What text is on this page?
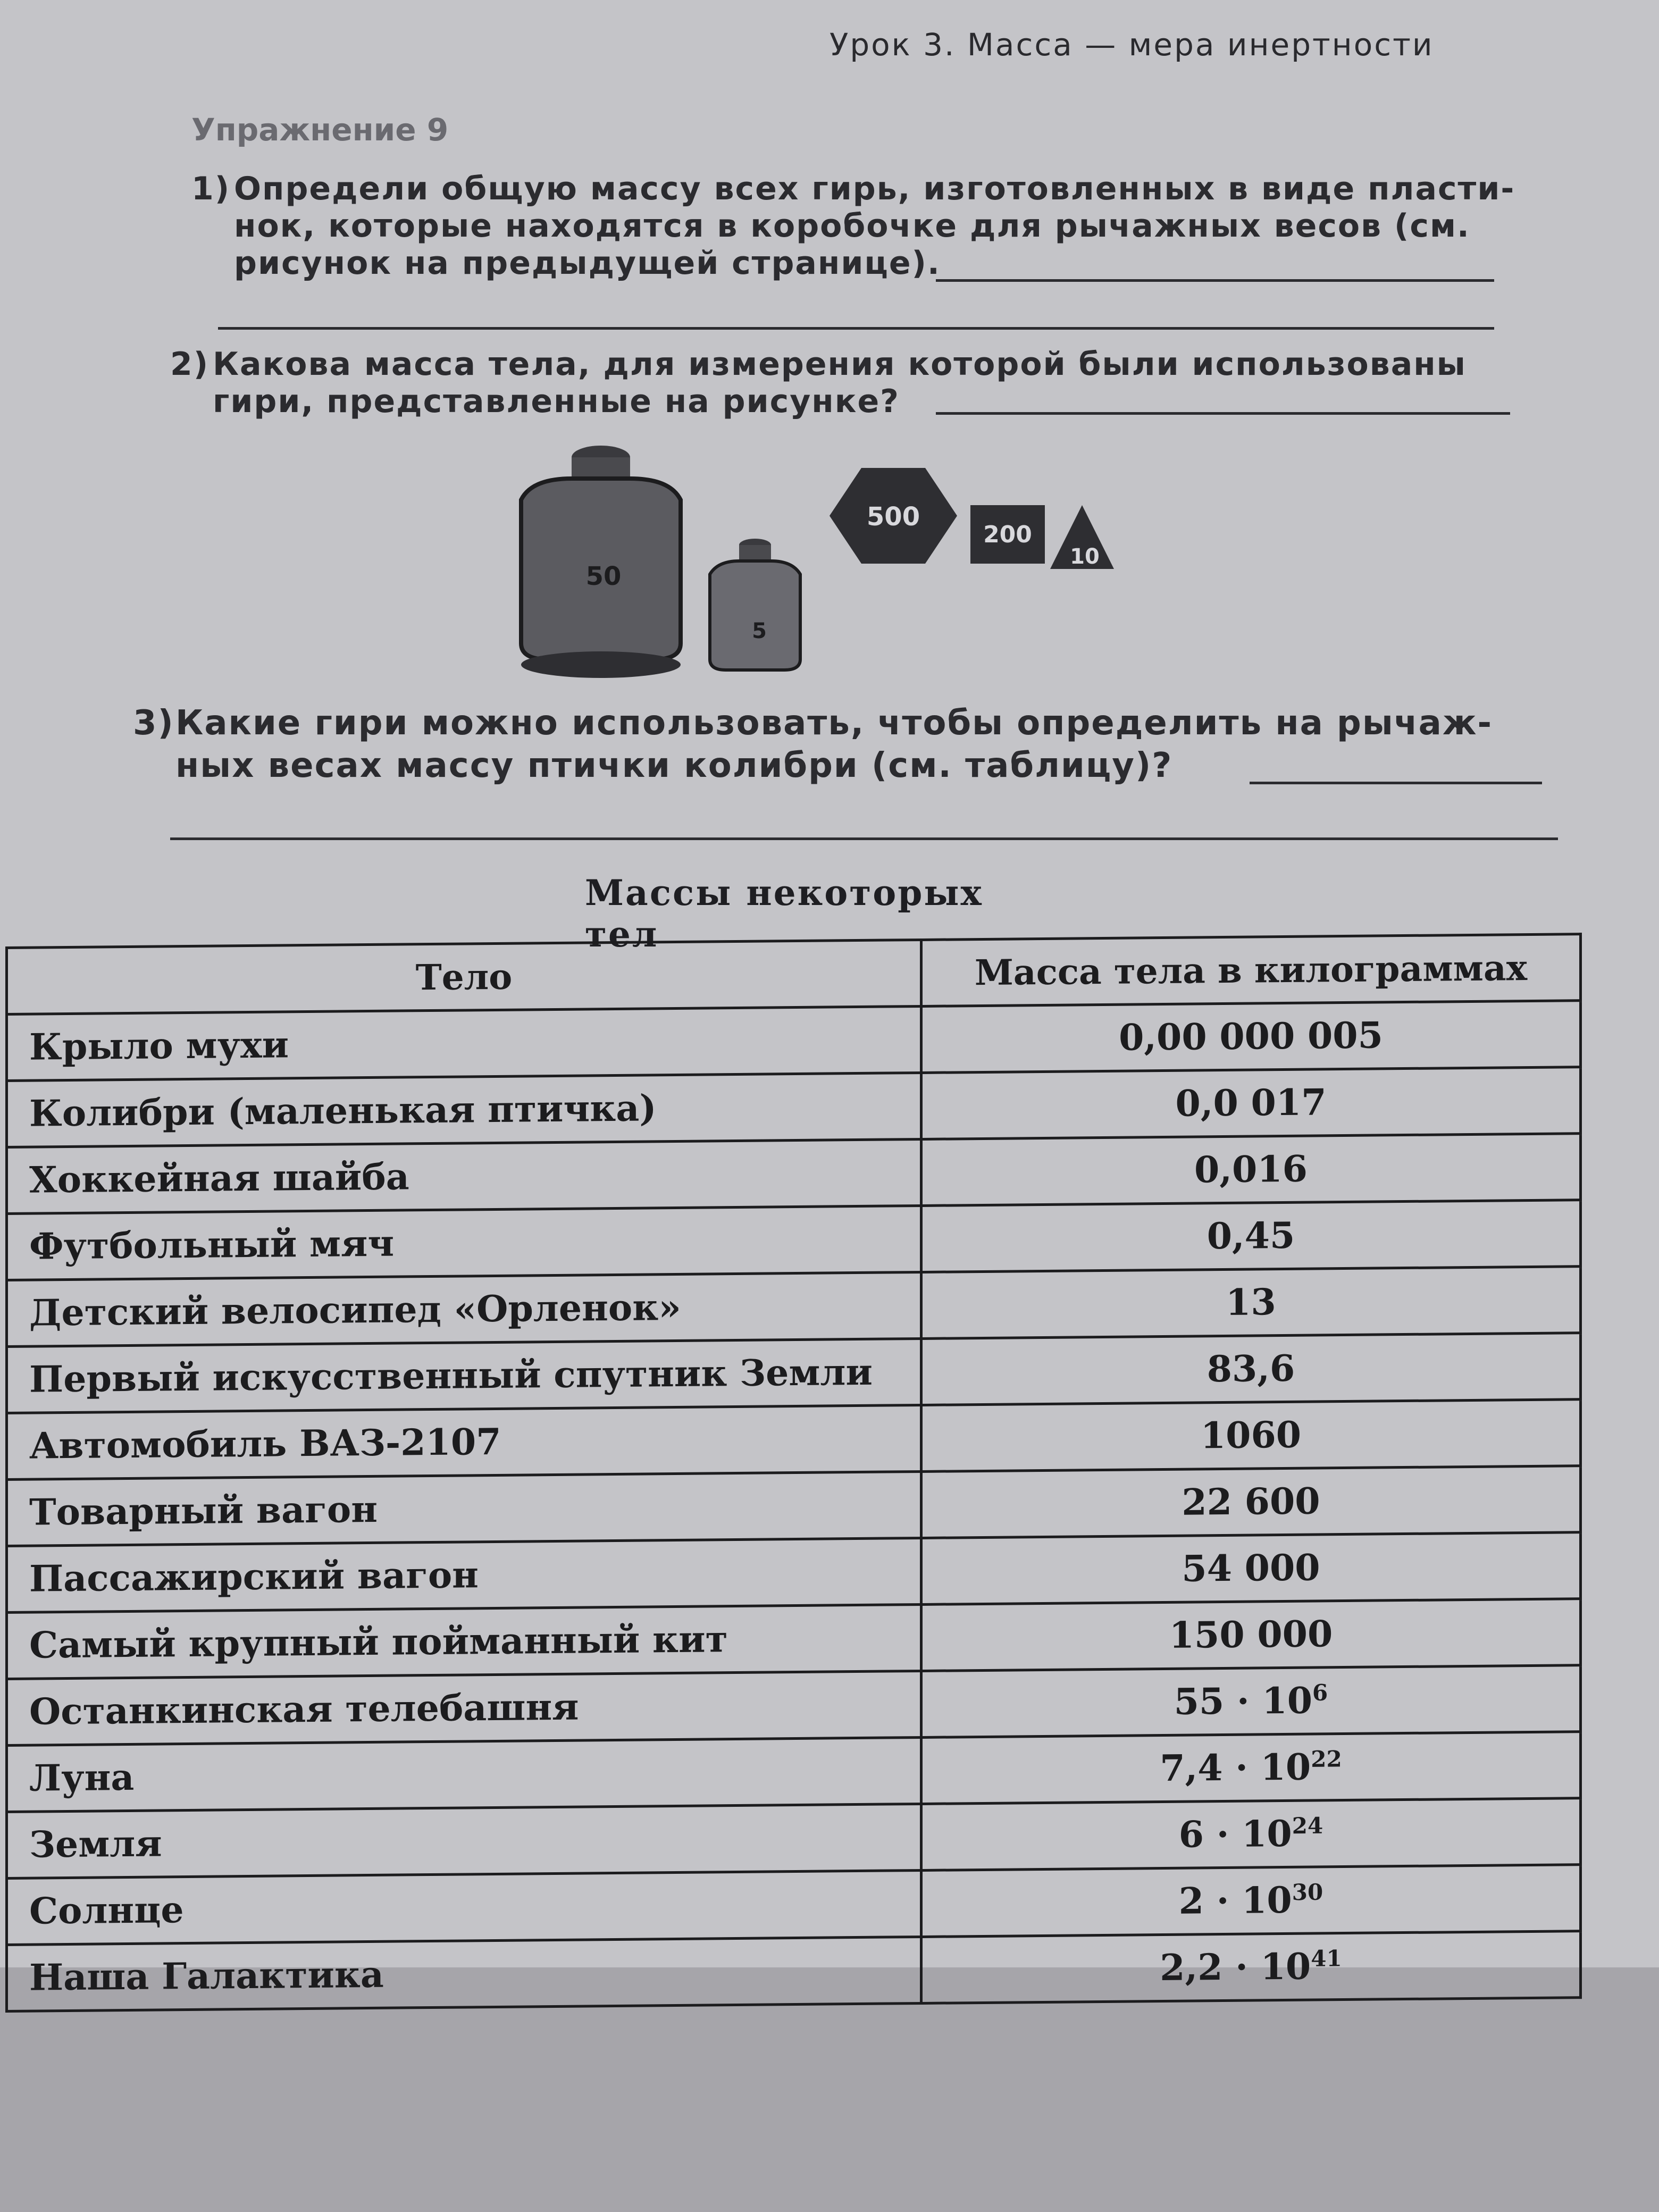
Урок 3. Масса — мера инертности
Упражнение 9
1) Определи общую массу всех гирь, изготовленных в виде пласти-
нок, которые находятся в коробочке для рычажных весов (см.
рисунок на предыдущей странице).
2) Какова масса тела, для измерения которой были использованы
гири, представленные на рисунке?
50
5
500
200
10
3) Какие гири можно использовать, чтобы определить на рычаж-
ных весах массу птички колибри (см. таблицу)?
Массы некоторых тел
Тело	Масса тела в килограммах
Крыло мухи	0,00 000 005
Колибри (маленькая птичка)	0,0 017
Хоккейная шайба	0,016
Футбольный мяч	0,45
Детский велосипед «Орленок»	13
Первый искусственный спутник Земли	83,6
Автомобиль ВАЗ-2107	1060
Товарный вагон	22 600
Пассажирский вагон	54 000
Самый крупный пойманный кит	150 000
Останкинская телебашня	$55 \cdot 10^6$
Луна	$7,4 \cdot 10^{22}$
Земля	$6 \cdot 10^{24}$
Солнце	$2 \cdot 10^{30}$
Наша Галактика	$2,2 \cdot 10^{41}$
